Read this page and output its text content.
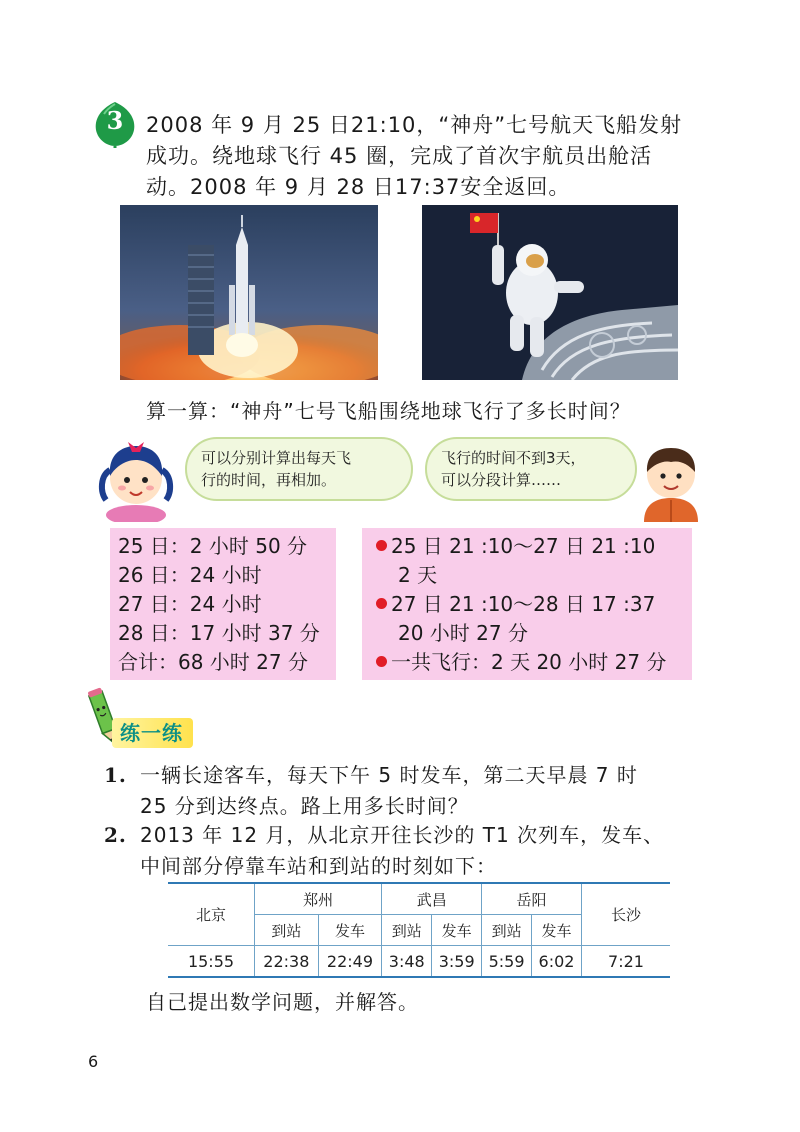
3	2008 年 9 月 25 日21:10，“神舟”七号航天飞船发射

成功。绕地球飞行 45 圈，完成了首次宇航员出舱活

动。2008 年 9 月 28 日17:37安全返回。

算一算：“神舟”七号飞船围绕地球飞行了多长时间？
可以分别计算出每天飞
行的时间，再相加。
飞行的时间不到3天，
可以分段计算……
25 日：2 小时 50 分
26 日：24 小时
27 日：24 小时
28 日：17 小时 37 分
合计：68 小时 27 分
25 日 21 :10～27 日 21 :10
2 天
27 日 21 :10～28 日 17 :37
20 小时 27 分
一共飞行：2 天 20 小时 27 分
练一练
1. 一辆长途客车，每天下午 5 时发车，第二天早晨 7 时
25 分到达终点。路上用多长时间？
2. 2013 年 12 月，从北京开往长沙的 T1 次列车，发车、
中间部分停靠车站和到站的时刻如下：
北京	郑州		武昌		岳阳		长沙
	到站	发车	到站	发车	到站	发车	
15:55	22:38	22:49	3:48	3:59	5:59	6:02	7:21
自己提出数学问题，并解答。
6
